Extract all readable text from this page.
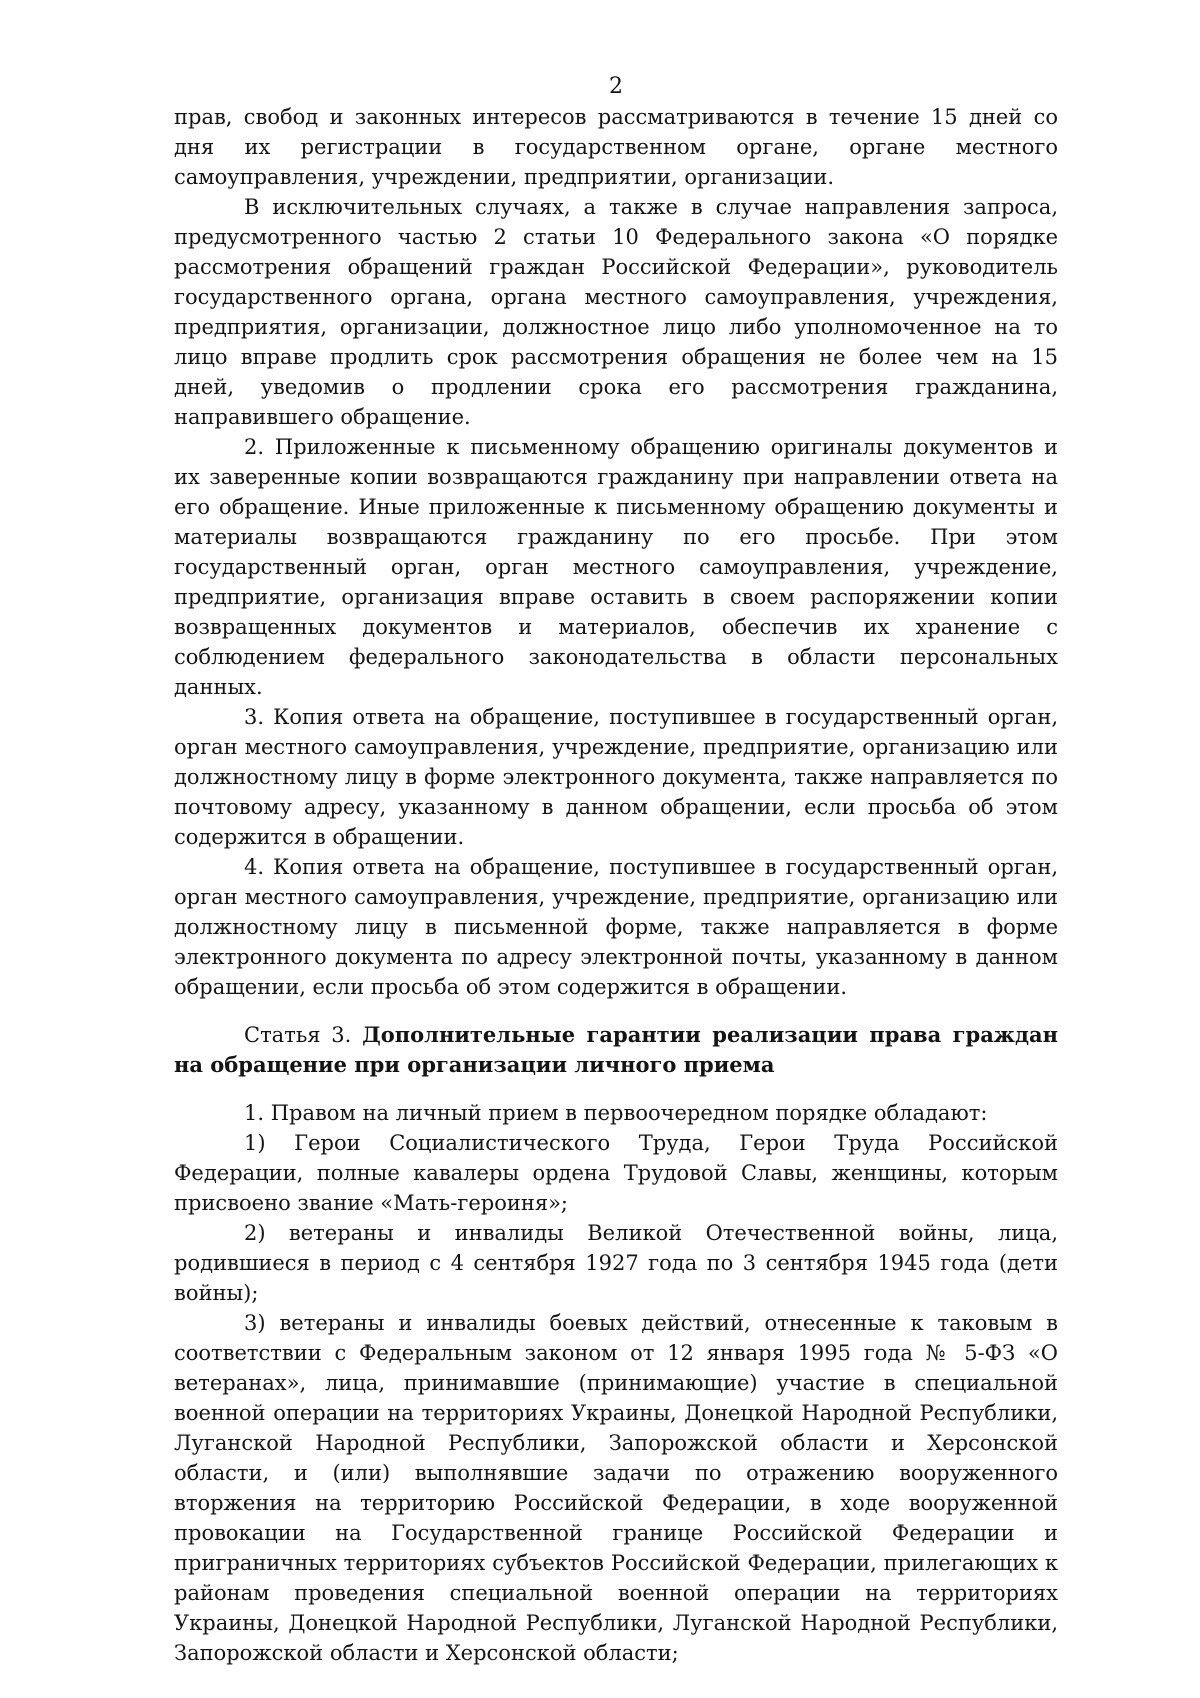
2

прав, свобод и законных интересов рассматриваются в течение 15 дней со дня их регистрации в государственном органе, органе местного самоуправления, учреждении, предприятии, организации.

В исключительных случаях, а также в случае направления запроса, предусмотренного частью 2 статьи 10 Федерального закона «О порядке рассмотрения обращений граждан Российской Федерации», руководитель государственного органа, органа местного самоуправления, учреждения, предприятия, организации, должностное лицо либо уполномоченное на то лицо вправе продлить срок рассмотрения обращения не более чем на 15 дней, уведомив о продлении срока его рассмотрения гражданина, направившего обращение.

2. Приложенные к письменному обращению оригиналы документов и их заверенные копии возвращаются гражданину при направлении ответа на его обращение. Иные приложенные к письменному обращению документы и материалы возвращаются гражданину по его просьбе. При этом государственный орган, орган местного самоуправления, учреждение, предприятие, организация вправе оставить в своем распоряжении копии возвращенных документов и материалов, обеспечив их хранение с соблюдением федерального законодательства в области персональных данных.

3. Копия ответа на обращение, поступившее в государственный орган, орган местного самоуправления, учреждение, предприятие, организацию или должностному лицу в форме электронного документа, также направляется по почтовому адресу, указанному в данном обращении, если просьба об этом содержится в обращении.

4. Копия ответа на обращение, поступившее в государственный орган, орган местного самоуправления, учреждение, предприятие, организацию или должностному лицу в письменной форме, также направляется в форме электронного документа по адресу электронной почты, указанному в данном обращении, если просьба об этом содержится в обращении.

Статья 3. Дополнительные гарантии реализации права граждан на обращение при организации личного приема

1. Правом на личный прием в первоочередном порядке обладают:

1) Герои Социалистического Труда, Герои Труда Российской Федерации, полные кавалеры ордена Трудовой Славы, женщины, которым присвоено звание «Мать-героиня»;

2) ветераны и инвалиды Великой Отечественной войны, лица, родившиеся в период с 4 сентября 1927 года по 3 сентября 1945 года (дети войны);

3) ветераны и инвалиды боевых действий, отнесенные к таковым в соответствии с Федеральным законом от 12 января 1995 года № 5-ФЗ «О ветеранах», лица, принимавшие (принимающие) участие в специальной военной операции на территориях Украины, Донецкой Народной Республики, Луганской Народной Республики, Запорожской области и Херсонской области, и (или) выполнявшие задачи по отражению вооруженного вторжения на территорию Российской Федерации, в ходе вооруженной провокации на Государственной границе Российской Федерации и приграничных территориях субъектов Российской Федерации, прилегающих к районам проведения специальной военной операции на территориях Украины, Донецкой Народной Республики, Луганской Народной Республики, Запорожской области и Херсонской области;
